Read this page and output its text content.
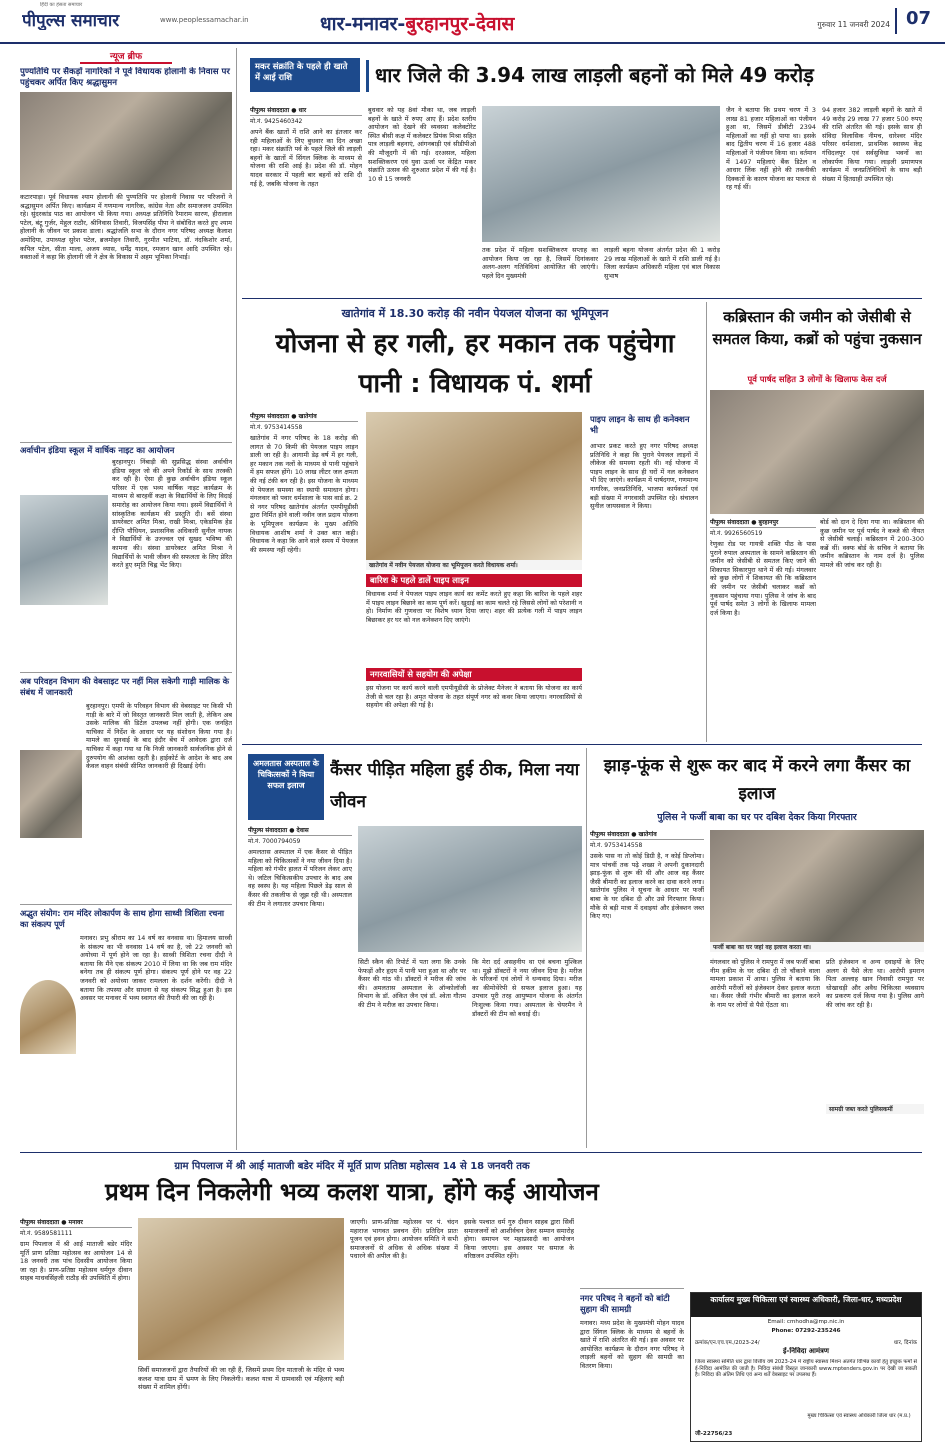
पीपुल्स समाचार
हिंदी का हंसता समाचार
www.peoplessamachar.in	धार-मनावर-बुरहानपुर-देवास	गुरुवार 11 जनवरी 2024 07
न्यूज ब्रीफ
पुण्यतिथि पर सैकड़ों नागरिकों ने पूर्व विधायक होलानी के निवास पर पहुंचकर अर्पित किए श्रद्धासुमन
कटारपाड़ा। पूर्व विधायक श्याम होलानी की पुण्यतिथि पर होलानी निवास पर परिजनों ने श्रद्धासुमन अर्पित किए। कार्यक्रम में गणमान्य नागरिक, कांग्रेस नेता और समाजजन उपस्थित रहे। सुंदरकांड पाठ का आयोजन भी किया गया। अध्यक्ष प्रतिनिधि रैमाराम सारण, हीरालाल पटेल, बंटू गुर्जर, मेहुल राठौर, श्रीनिवास तिवारी, विजयसिंह पीपा ने संबोधित करते हुए श्याम होलानी के जीवन पर प्रकाश डाला। श्रद्धांजलि सभा के दौरान नगर परिषद अध्यक्ष कैलाश अमोदिया, उपाध्यक्ष सुरेश पटेल, ब्रजमोहन तिवारी, गुरमीत भाटिया, डॉ. नंदकिशोर शर्मा, कपिल पटेल, सीता माला, अजय व्यास, धर्मेंद्र यादव, रमजान खान आदि उपस्थित रहे। वक्ताओं ने कहा कि होलानी जी ने क्षेत्र के विकास में अहम भूमिका निभाई।
अर्वाचीन इंडिया स्कूल में वार्षिक नाइट का आयोजन
बुरहानपुर। निंबाड़ी की सुप्रसिद्ध संस्था अर्वाचीन इंडिया स्कूल जो की अपने रिकॉर्ड के साथ तरक्की कर रही है। ऐसा ही कुछ अर्वाचीन इंडिया स्कूल परिसर में एक भव्य वार्षिक नाइट कार्यक्रम के माध्यम से बारहवीं कक्षा के विद्यार्थियों के लिए विदाई समारोह का आयोजन किया गया। इसमें विद्यार्थियों ने सांस्कृतिक कार्यक्रम की प्रस्तुति दी। बसें संस्था डायरेक्टर अमित मिश्रा, राखी मिश्रा, एकेडमिक हेड दीप्ति पौधियन, प्रशासनिक अधिकारी सुनील नायक ने विद्यार्थियों के उज्ज्वल एवं सुखद भविष्य की कामना की। संस्था डायरेक्टर अमित मिश्रा ने विद्यार्थियों के भावी जीवन की सफलता के लिए प्रेरित करते हुए स्मृति चिह्न भेंट किए।
अब परिवहन विभाग की वेबसाइट पर नहीं मिल सकेगी गाड़ी मालिक के संबंध में जानकारी
बुरहानपुर। एमपी के परिवहन विभाग की वेबसाइट पर किसी भी गाड़ी के बारे में जो विस्तृत जानकारी मिल जाती है, लेकिन अब उसके मालिक की डिटेल उपलब्ध नहीं होगी। एक जनहित याचिका में निर्देश के आधार पर यह संशोधन किया गया है। मामले का सुनवाई के बाद इंदौर बेंच में आवेदक द्वारा दर्ज याचिका में कहा गया था कि निजी जानकारी सार्वजनिक होने से दुरुपयोग की आशंका रहती है। हाईकोर्ट के आदेश के बाद अब केवल वाहन संबंधी सीमित जानकारी ही दिखाई देगी।
अद्भुत संयोग: राम मंदिर लोकार्पण के साथ होगा साध्वी त्रिशिता रचना का संकल्प पूर्ण
मनावर। प्रभु श्रीराम का 14 वर्ष का वनवास था। हिमालय साध्वी के संकल्प का भी वनवास 14 वर्ष का है, जो 22 जनवरी को अयोध्या में पूर्ण होने जा रहा है। साध्वी त्रिशिता रचना दीदी ने बताया कि मैंने एक संकल्प 2010 में लिया था कि जब राम मंदिर बनेगा तब ही संकल्प पूर्ण होगा। संकल्प पूर्ण होने पर वह 22 जनवरी को अयोध्या जाकर रामलला के दर्शन करेंगी। दीदी ने बताया कि तपस्या और साधना से यह संकल्प सिद्ध हुआ है। इस अवसर पर मनावर में भव्य स्वागत की तैयारी की जा रही है।
मकर संक्रांति के पहले ही खाते में आई राशि	धार जिले की 3.94 लाख लाड़ली बहनों को मिले 49 करोड़
पीपुल्स संवाददाता ● धार
मो.नं. 9425460342
अपने बैंक खातों में राशि आने का इंतजार कर रही महिलाओं के लिए बुधवार का दिन अच्छा रहा। मकर संक्रांति पर्व के पहले जिले की लाड़ली बहनों के खातों में सिंगल क्लिक के माध्यम से योजना की राशि आई है। प्रदेश की डॉ. मोहन यादव सरकार में पहली बार बहनों को राशि दी गई है, जबकि योजना के तहत
बुधवार को यह 8वां मौका था, जब लाड़ली बहनों के खाते में रुपए आए हैं। प्रदेश स्तरीय आयोजन को देखने की व्यवस्था कलेक्टोरेट स्थित बीसी कक्ष में कलेक्टर प्रियंक मिश्रा सहित पात्र लाड़ली बहनाएं, आंगनबाड़ी एवं सीडीपीओ की मौजूदगी में की गई। दरअसल, महिला सशक्तिकरण एवं युवा ऊर्जा पर केंद्रित मकर संक्रांति उत्सव की शुरुआत प्रदेश में की गई है। 10 से 15 जनवरी
तक प्रदेश में महिला सशक्तिकरण सप्ताह का आयोजन किया जा रहा है, जिसमें दिनांकवार अलग-अलग गतिविधियां आयोजित की जाएंगी। पहले दिन मुख्यमंत्री
लाड़ली बहना योजना अंतर्गत प्रदेश की 1 करोड़ 29 लाख महिलाओं के खाते में राशि डाली गई है। जिला कार्यक्रम अधिकारी महिला एवं बाल विकास सुभाष
जैन ने बताया कि प्रथम चरण में 3 लाख 81 हजार महिलाओं का पंजीयन हुआ था, जिसमें डीबीटी 2394 महिलाओं का नहीं हो पाया था। इसके बाद द्वितीय चरण में 16 हजार 488 महिलाओं ने पंजीयन किया था। वर्तमान में 1497 महिलाएं बैंक डिटेल व आधार लिंक नहीं होने की तकनीकी दिक्कतों के कारण योजना का पात्रता से रह गई थीं।
94 हजार 382 लाड़ली बहनों के खाते में 49 करोड़ 29 लाख 77 हजार 500 रुपए की राशि अंतरित की गई। इसके साथ ही संविदा विलासिक नीमच, धारेश्वर मंदिर परिसर धर्मशाला, प्राथमिक स्वास्थ्य केंद्र गंधिदलपुर एवं सर्वसुविधा भवनों का लोकार्पण किया गया। लाड़ली प्रमाणपत्र कार्यक्रम में जनप्रतिनिधियों के साथ बड़ी संख्या में हितग्राही उपस्थित रहे।
खातेगांव में 18.30 करोड़ की नवीन पेयजल योजना का भूमिपूजन
योजना से हर गली, हर मकान तक पहुंचेगा पानी : विधायक पं. शर्मा
पीपुल्स संवाददाता ● खातेगांव
मो.नं. 9753414558
खातेगांव में नगर परिषद के 18 करोड़ की लागत से 70 किमी की पेयजल पाइप लाइन डाली जा रही है। आगामी डेढ़ वर्ष में हर गली, हर मकान तक नलों के माध्यम से पानी पहुंचाने में हम सफल होंगे। 10 लाख लीटर जल क्षमता की नई टंकी बन रही है। इस योजना के माध्यम से पेयजल समस्या का स्थायी समाधान होगा। मंगलवार को पवार धर्मशाला के पास वार्ड क्र. 2 से नगर परिषद खातेगांव अंतर्गत एमपीयूडीसी द्वारा निर्मित होने वाली नवीन जल प्रदाय योजना के भूमिपूजन कार्यक्रम के मुख्य अतिथि विधायक आशीष शर्मा ने उक्त बात कही। विधायक ने कहा कि आने वाले समय में पेयजल की समस्या नहीं रहेगी।
खातेगांव में नवीन पेयजल योजना का भूमिपूजन करते विधायक शर्मा।
बारिश के पहले डालें पाइप लाइन
विधायक शर्मा ने पेयजल पाइप लाइन कार्य का कमेंट करते हुए कहा कि बारिश के पहले शहर में पाइप लाइन बिछाने का काम पूर्ण करें। खुदाई का काम चलते रहे जिससे लोगों को परेशानी न हो। निर्माण की गुणवत्ता पर विशेष ध्यान दिया जाए। शहर की प्रत्येक गली में पाइप लाइन बिछाकर हर घर को नल कनेक्शन दिए जाएंगे।
नगरवासियों से सहयोग की अपेक्षा
इस योजना पर कार्य करने वाली एमपीयूडीसी के प्रोजेक्ट मैनेजर ने बताया कि योजना का कार्य तेजी से चल रहा है। अमृत योजना के तहत संपूर्ण नगर को कवर किया जाएगा। नगरवासियों से सहयोग की अपेक्षा की गई है।
पाइप लाइन के साथ ही कनेक्शन भी
आभार प्रकट करते हुए नगर परिषद अध्यक्ष प्रतिनिधि ने कहा कि पुराने पेयजल लाइनों में लीकेज की समस्या रहती थी। नई योजना में पाइप लाइन के साथ ही घरों में नल कनेक्शन भी दिए जाएंगे। कार्यक्रम में पार्षदगण, गणमान्य नागरिक, जनप्रतिनिधि, भाजपा कार्यकर्ता एवं बड़ी संख्या में नगरवासी उपस्थित रहे। संचालन सुनील जायसवाल ने किया।
कब्रिस्तान की जमीन को जेसीबी से समतल किया, कब्रों को पहुंचा नुकसान
पूर्व पार्षद सहित 3 लोगों के खिलाफ केस दर्ज
पीपुल्स संवाददाता ● बुरहानपुर
मो.नं. 9926560519
रेणुका रोड पर गायत्री शक्ति पीठ के पास पुराने रुपाल अस्पताल के सामने कब्रिस्तान की जमीन को जेसीबी से समतल किए जाने की शिकायत सिकारपुरा थाने में की गई। मंगलवार को कुछ लोगों ने शिकायत की कि कब्रिस्तान की जमीन पर जेसीबी चलाकर कब्रों को नुकसान पहुंचाया गया। पुलिस ने जांच के बाद पूर्व पार्षद समेत 3 लोगों के खिलाफ मामला दर्ज किया है।
बोर्ड को दान दे दिया गया था। कब्रिस्तान की कुछ जमीन पर पूर्व पार्षद ने कब्जे की नीयत से जेसीबी चलाई। कब्रिस्तान में 200-300 कब्रें थीं। वक्फ बोर्ड के सचिव ने बताया कि जमीन कब्रिस्तान के नाम दर्ज है। पुलिस मामले की जांच कर रही है।
अमलतास अस्पताल के चिकित्सकों ने किया सफल इलाज
कैंसर पीड़ित महिला हुई ठीक, मिला नया जीवन
पीपुल्स संवाददाता ● देवास
मो.नं. 7000794059
अमलतास अस्पताल में एक कैंसर से पीड़ित महिला को चिकित्सकों ने नया जीवन दिया है। महिला को गंभीर हालत में परिजन लेकर आए थे। जटिल चिकित्सकीय उपचार के बाद अब वह स्वस्थ है। यह महिला पिछले डेढ़ साल से कैंसर की तकलीफ से जूझ रही थी। अस्पताल की टीम ने लगातार उपचार किया।
सिटी स्कैन की रिपोर्ट में पता लगा कि उनके फेफड़ों और हृदय में पानी भरा हुआ था और पर कैंसर की गांठ थी। डॉक्टरों ने मरीज की जांच की। अमलतास अस्पताल के ऑन्कोलॉजी विभाग के डॉ. अंकित जैन एवं डॉ. श्वेता गौतम की टीम ने मरीज का उपचार किया।
कि मेरा दर्द असहनीय था एवं बचना मुश्किल था। मुझे डॉक्टरों ने नया जीवन दिया है। मरीज के परिजनों एवं लोगों ने धन्यवाद दिया। मरीज का कीमोथेरेपी से सफल इलाज हुआ। यह उपचार पूरी तरह आयुष्मान योजना के अंतर्गत निःशुल्क किया गया। अस्पताल के चेयरमैन ने डॉक्टरों की टीम को बधाई दी।
झाड़-फूंक से शुरू कर बाद में करने लगा कैंसर का इलाज
पुलिस ने फर्जी बाबा का घर पर दबिश देकर किया गिरफ्तार
पीपुल्स संवाददाता ● खातेगांव
मो.नं. 9753414558
उसके पास ना तो कोई डिग्री है, न कोई डिप्लोमा। मात्र पांचवीं तक पढ़े शख्स ने अपनी दुकानदारी झाड़-फूंक से शुरू की थी और आज वह कैंसर जैसी बीमारी का इलाज करने का दावा करने लगा। खातेगांव पुलिस ने सूचना के आधार पर फर्जी बाबा के घर दबिश दी और उसे गिरफ्तार किया। मौके से बड़ी मात्रा में दवाइयां और इंजेक्शन जब्त किए गए।
फर्जी बाबा का घर जहां वह इलाज करता था।
मंगलवार को पुलिस ने रामपुरा में जब फर्जी बाबा नीम हकीम के घर दबिश दी तो चौंकाने वाला मामला प्रकाश में आया। पुलिस ने बताया कि आरोपी मरीजों को इंजेक्शन देकर इलाज करता था। कैंसर जैसी गंभीर बीमारी का इलाज करने के नाम पर लोगों से पैसे ऐंठता था।
प्रति इंजेक्शन व अन्य दवाइयों के लिए अलग से पैसे लेता था। आरोपी इमरान पिता अल्लाह खान निवासी रामपुरा पर धोखाधड़ी और अवैध चिकित्सा व्यवसाय का प्रकरण दर्ज किया गया है। पुलिस आगे की जांच कर रही है।
सामग्री जब्त करते पुलिसकर्मी
ग्राम पिपलाज में श्री आई माताजी बडेर मंदिर में मूर्ति प्राण प्रतिष्ठा महोत्सव 14 से 18 जनवरी तक
प्रथम दिन निकलेगी भव्य कलश यात्रा, होंगे कई आयोजन
पीपुल्स संवाददाता ● मनावर
मो.नं. 9589581111
ग्राम पिपलाज में श्री आई माताजी बडेर मंदिर मूर्ति प्राण प्रतिष्ठा महोत्सव का आयोजन 14 से 18 जनवरी तक पांच दिवसीय आयोजन किया जा रहा है। प्राण-प्रतिष्ठा महोत्सव धर्मगुरु दीवान साहब माधवसिंहजी राठौड़ की उपस्थिति में होगा।
सिर्वी समाजजनों द्वारा तैयारियों की जा रही हैं, जिसमें प्रथम दिन माताजी के मंदिर से भव्य कलश यात्रा ग्राम में भ्रमण के लिए निकलेगी। कलश यात्रा में ग्रामवासी एवं महिलाएं बड़ी संख्या में शामिल होंगी।
जाएगी। प्राण-प्रतिष्ठा महोत्सव पर पं. चंदन महाराज भागवत प्रवचन देंगे। प्रतिदिन प्रातः पूजन एवं हवन होगा। आयोजन समिति ने सभी समाजजनों से अधिक से अधिक संख्या में पधारने की अपील की है।
इसके पश्चात धर्म गुरु दीवान साहब द्वारा सिर्वी समाजजनों को आशीर्वचन देकर सम्मान समारोह होगा। समापन पर महाप्रसादी का आयोजन किया जाएगा। इस अवसर पर समाज के वरिष्ठजन उपस्थित रहेंगे।
नगर परिषद ने बहनों को बांटी सुहाग की सामग्री
मनावर। मध्य प्रदेश के मुख्यमंत्री मोहन यादव द्वारा सिंगल क्लिक के माध्यम से बहनों के खाते में राशि अंतरित की गई। इस अवसर पर आयोजित कार्यक्रम के दौरान नगर परिषद ने लाड़ली बहनों को सुहाग की सामग्री का वितरण किया।
कार्यालय मुख्य चिकित्सा एवं स्वास्थ्य अधिकारी, जिला-धार, मध्यप्रदेश
Email: cmhodha@mp.nic.in
Phone: 07292-235246
क्रमांक/एन.एच.एम./2023-24/	धार, दिनांक
ई-निविदा आमंत्रण
जिला स्वास्थ्य समिति धार द्वारा वित्तीय वर्ष 2023-24 में राष्ट्रीय स्वास्थ्य मिशन अंतर्गत विभिन्न कार्यों हेतु इच्छुक फर्मों से ई-निविदा आमंत्रित की जाती है। निविदा संबंधी विस्तृत जानकारी www.mptenders.gov.in पर देखी जा सकती है। निविदा की अंतिम तिथि एवं अन्य शर्तें वेबसाइट पर उपलब्ध हैं।
मुख्य चिकित्सा एवं स्वास्थ्य अधिकारी जिला धार (म.प्र.)
जी-22756/23
